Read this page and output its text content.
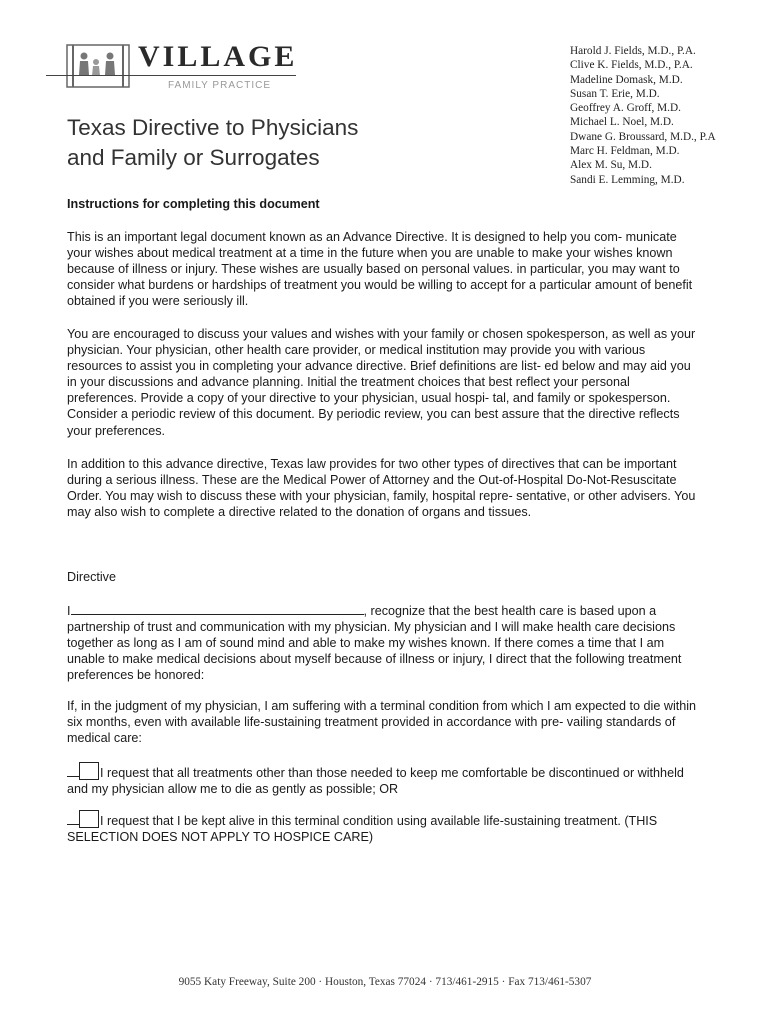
VILLAGE
FAMILY PRACTICE
Harold J. Fields, M.D., P.A.
Clive K. Fields, M.D., P.A.
Madeline Domask, M.D.
Susan T. Erie, M.D.
Geoffrey A. Groff, M.D.
Michael L. Noel, M.D.
Dwane G. Broussard, M.D., P.A
Marc H. Feldman, M.D.
Alex M. Su, M.D.
Sandi E. Lemming, M.D.
Texas Directive to Physicians
and Family or Surrogates
Instructions for completing this document

This is an important legal document known as an Advance Directive. It is designed to help you com- municate your wishes about medical treatment at a time in the future when you are unable to make your wishes known because of illness or injury. These wishes are usually based on personal values. in particular, you may want to consider what burdens or hardships of treatment you would be willing to accept for a particular amount of benefit obtained if you were seriously ill.

You are encouraged to discuss your values and wishes with your family or chosen spokesperson, as well as your physician. Your physician, other health care provider, or medical institution may provide you with various resources to assist you in completing your advance directive. Brief definitions are list- ed below and may aid you in your discussions and advance planning. Initial the treatment choices that best reflect your personal preferences. Provide a copy of your directive to your physician, usual hospi- tal, and family or spokesperson. Consider a periodic review of this document. By periodic review, you can best assure that the directive reflects your preferences.

In addition to this advance directive, Texas law provides for two other types of directives that can be important during a serious illness. These are the Medical Power of Attorney and the Out-of-Hospital Do-Not-Resuscitate Order. You may wish to discuss these with your physician, family, hospital repre- sentative, or other advisers. You may also wish to complete a directive related to the donation of organs and tissues.

Directive

I	, recognize that the best health care is based upon a partnership of trust and communication with my physician. My physician and I will make health care decisions together as long as I am of sound mind and able to make my wishes known. If there comes a time that I am unable to make medical decisions about myself because of illness or injury, I direct that the following treatment preferences be honored:

If, in the judgment of my physician, I am suffering with a terminal condition from which I am expected to die within six months, even with available life-sustaining treatment provided in accordance with pre- vailing standards of medical care:

I request that all treatments other than those needed to keep me comfortable be discontinued or withheld and my physician allow me to die as gently as possible; OR
I request that I be kept alive in this terminal condition using available life-sustaining treatment. (THIS SELECTION DOES NOT APPLY TO HOSPICE CARE)
9055 Katy Freeway, Suite 200 · Houston, Texas 77024 · 713/461-2915 · Fax 713/461-5307
